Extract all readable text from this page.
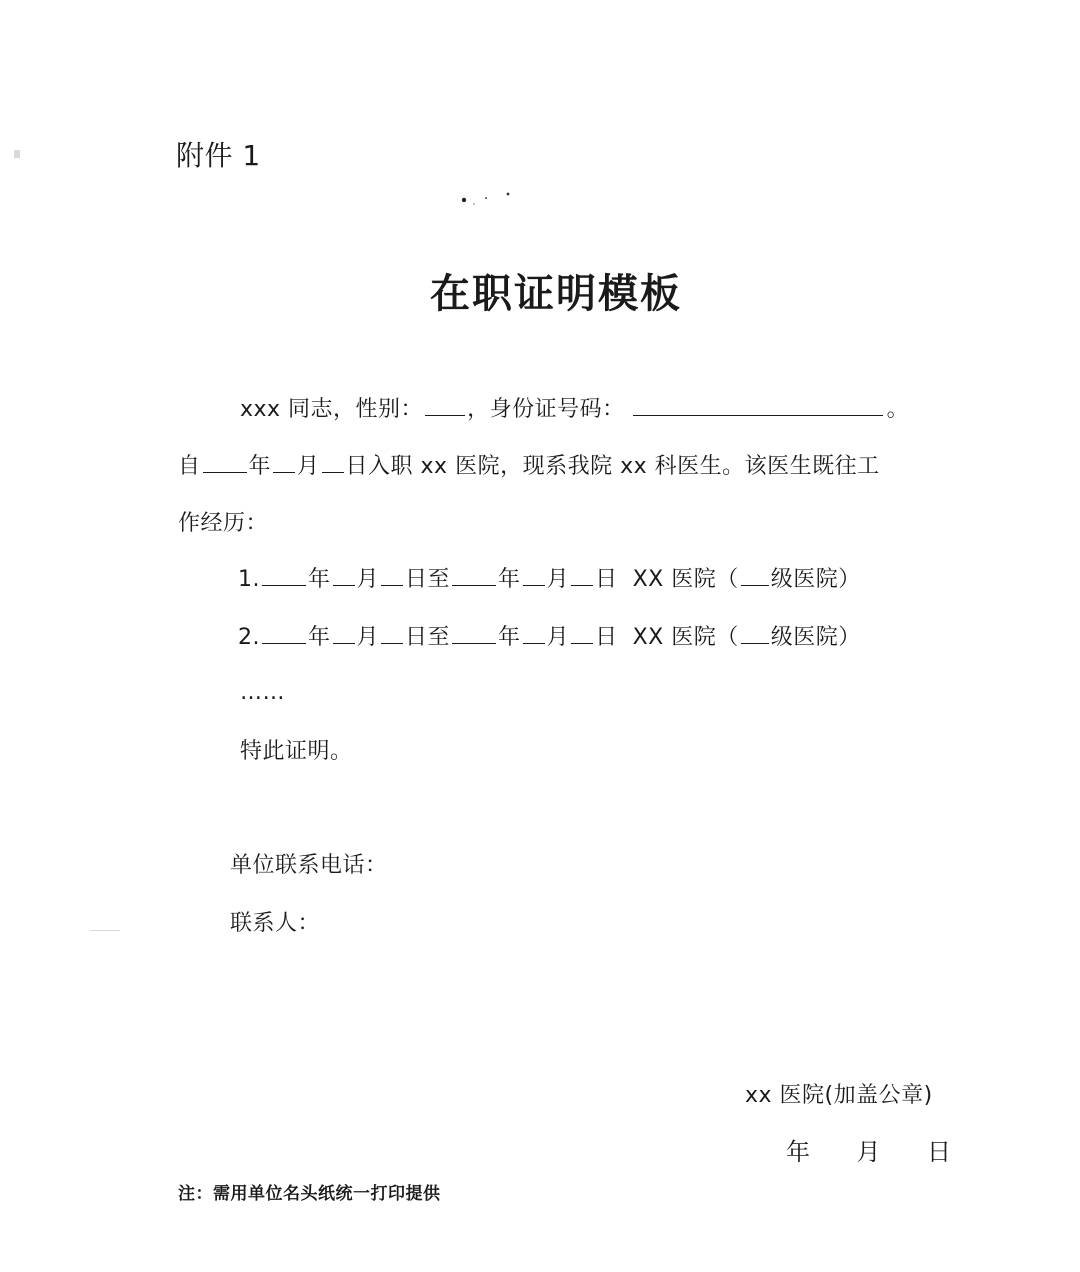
附件 1
在职证明模板
xxx 同志，性别： ，身份证号码：	。
自 年 月 日入职 xx 医院，现系我院 xx 科医生。该医生既往工
作经历：
1. 年 月 日至 年 月 日 XX 医院（ 级医院）
2. 年 月 日至 年 月 日 XX 医院（ 级医院）
……
特此证明。
单位联系电话：
联系人：
xx 医院(加盖公章)
年 月 日
注：需用单位名头纸统一打印提供
